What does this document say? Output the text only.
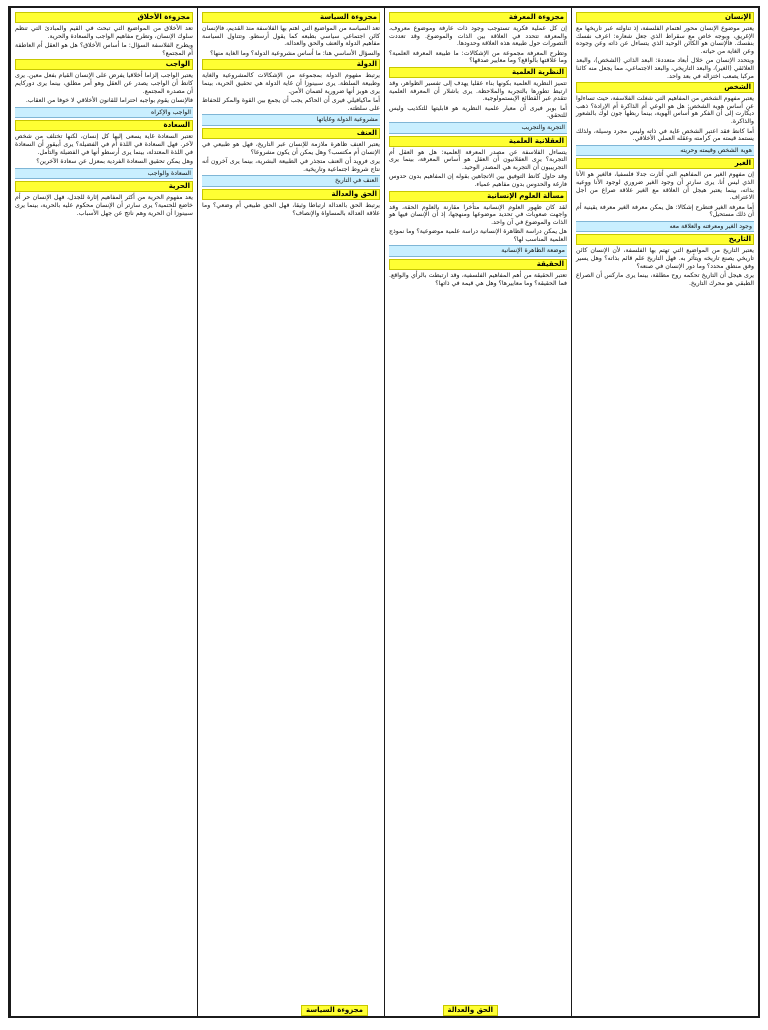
الإنسان
يعتبر موضوع الإنسان محور اهتمام الفلسفة، إذ تناولته عبر تاريخها مع الإغريق، وبوجه خاص مع سقراط الذي جعل شعاره: اعرف نفسك بنفسك. فالإنسان هو الكائن الوحيد الذي يتساءل عن ذاته وعن وجوده وعن الغاية من حياته.
ويتحدد الإنسان من خلال أبعاد متعددة: البعد الذاتي (الشخص)، والبعد العلائقي (الغير)، والبعد التاريخي، والبعد الاجتماعي، مما يجعل منه كائنا مركبا يصعب اختزاله في بعد واحد.
الشخص
يعتبر مفهوم الشخص من المفاهيم التي شغلت الفلاسفة، حيث تساءلوا عن أساس هوية الشخص: هل هو الوعي أم الذاكرة أم الإرادة؟ ذهب ديكارت إلى أن الفكر هو أساس الهوية، بينما ربطها جون لوك بالشعور والذاكرة.
أما كانط فقد اعتبر الشخص غاية في ذاته وليس مجرد وسيلة، ولذلك يستمد قيمته من كرامته وعقله العملي الأخلاقي.
هوية الشخص وقيمته وحريته
الغير
إن مفهوم الغير من المفاهيم التي أثارت جدلا فلسفيا، فالغير هو الأنا الذي ليس أنا. يرى سارتر أن وجود الغير ضروري لوجود الأنا ووعيه بذاته، بينما يعتبر هيجل أن العلاقة مع الغير علاقة صراع من أجل الاعتراف.
أما معرفة الغير فتطرح إشكالا: هل يمكن معرفة الغير معرفة يقينية أم أن ذلك مستحيل؟
وجود الغير ومعرفته والعلاقة معه
التاريخ
يعتبر التاريخ من المواضيع التي تهتم بها الفلسفة، لأن الإنسان كائن تاريخي يصنع تاريخه ويتأثر به. فهل التاريخ علم قائم بذاته؟ وهل يسير وفق منطق محدد؟ وما دور الإنسان في صنعه؟
يرى هيجل أن التاريخ تحكمه روح مطلقة، بينما يرى ماركس أن الصراع الطبقي هو محرك التاريخ.
مجزوءة المعرفة
إن كل عملية فكرية تستوجب وجود ذات عارفة وموضوع معروف، والمعرفة تتحدد في العلاقة بين الذات والموضوع. وقد تعددت التصورات حول طبيعة هذه العلاقة وحدودها.
وتطرح المعرفة مجموعة من الإشكالات: ما طبيعة المعرفة العلمية؟ وما علاقتها بالواقع؟ وما معايير صدقها؟
النظرية العلمية
تتميز النظرية العلمية بكونها بناء عقليا يهدف إلى تفسير الظواهر، وقد ارتبط تطورها بالتجربة والملاحظة. يرى باشلار أن المعرفة العلمية تتقدم عبر القطائع الإبستمولوجية.
أما بوبر فيرى أن معيار علمية النظرية هو قابليتها للتكذيب وليس للتحقق.
التجربة والتجريب
العقلانية العلمية
يتساءل الفلاسفة عن مصدر المعرفة العلمية: هل هو العقل أم التجربة؟ يرى العقلانيون أن العقل هو أساس المعرفة، بينما يرى التجريبيون أن التجربة هي المصدر الوحيد.
وقد حاول كانط التوفيق بين الاتجاهين بقوله إن المفاهيم بدون حدوس فارغة والحدوس بدون مفاهيم عمياء.
مسألة العلوم الإنسانية
لقد كان ظهور العلوم الإنسانية متأخرا مقارنة بالعلوم الحقة، وقد واجهت صعوبات في تحديد موضوعها ومنهجها، إذ أن الإنسان فيها هو الذات والموضوع في آن واحد.
هل يمكن دراسة الظاهرة الإنسانية دراسة علمية موضوعية؟ وما نموذج العلمية المناسب لها؟
موضعة الظاهرة الإنسانية
الحقيقة
تعتبر الحقيقة من أهم المفاهيم الفلسفية، وقد ارتبطت بالرأي والواقع. فما الحقيقة؟ وما معاييرها؟ وهل هي قيمة في ذاتها؟
مجزوءة السياسة
تعد السياسة من المواضيع التي اهتم بها الفلاسفة منذ القديم، فالإنسان كائن اجتماعي سياسي بطبعه كما يقول أرسطو. وتتناول السياسة مفاهيم الدولة والعنف والحق والعدالة.
والسؤال الأساسي هنا: ما أساس مشروعية الدولة؟ وما الغاية منها؟
الدولة
يرتبط مفهوم الدولة بمجموعة من الإشكالات كالمشروعية والغاية وطبيعة السلطة. يرى سبينوزا أن غاية الدولة هي تحقيق الحرية، بينما يرى هوبز أنها ضرورية لضمان الأمن.
أما ماكيافيلي فيرى أن الحاكم يجب أن يجمع بين القوة والمكر للحفاظ على سلطته.
مشروعية الدولة وغاياتها
العنف
يعتبر العنف ظاهرة ملازمة للإنسان عبر التاريخ، فهل هو طبيعي في الإنسان أم مكتسب؟ وهل يمكن أن يكون مشروعا؟
يرى فرويد أن العنف متجذر في الطبيعة البشرية، بينما يرى آخرون أنه نتاج شروط اجتماعية وتاريخية.
العنف في التاريخ
الحق والعدالة
يرتبط الحق بالعدالة ارتباطا وثيقا، فهل الحق طبيعي أم وضعي؟ وما علاقة العدالة بالمساواة والإنصاف؟
مجزوءة الأخلاق
تعد الأخلاق من المواضيع التي تبحث في القيم والمبادئ التي تنظم سلوك الإنسان، وتطرح مفاهيم الواجب والسعادة والحرية.
ويطرح الفلاسفة السؤال: ما أساس الأخلاق؟ هل هو العقل أم العاطفة أم المجتمع؟
الواجب
يعتبر الواجب إلزاما أخلاقيا يفرض على الإنسان القيام بفعل معين. يرى كانط أن الواجب يصدر عن العقل وهو أمر مطلق، بينما يرى دوركايم أن مصدره المجتمع.
فالإنسان يقوم بواجبه احتراما للقانون الأخلاقي لا خوفا من العقاب.
الواجب والإكراه
السعادة
تعتبر السعادة غاية يسعى إليها كل إنسان، لكنها تختلف من شخص لآخر. فهل السعادة في اللذة أم في الفضيلة؟ يرى أبيقور أن السعادة في اللذة المعتدلة، بينما يرى أرسطو أنها في الفضيلة والتأمل.
وهل يمكن تحقيق السعادة الفردية بمعزل عن سعادة الآخرين؟
السعادة والواجب
الحرية
يعد مفهوم الحرية من أكثر المفاهيم إثارة للجدل، فهل الإنسان حر أم خاضع للحتمية؟ يرى سارتر أن الإنسان محكوم عليه بالحرية، بينما يرى سبينوزا أن الحرية وهم ناتج عن جهل الأسباب.
مجزوءة السياسة	الحق والعدالة
